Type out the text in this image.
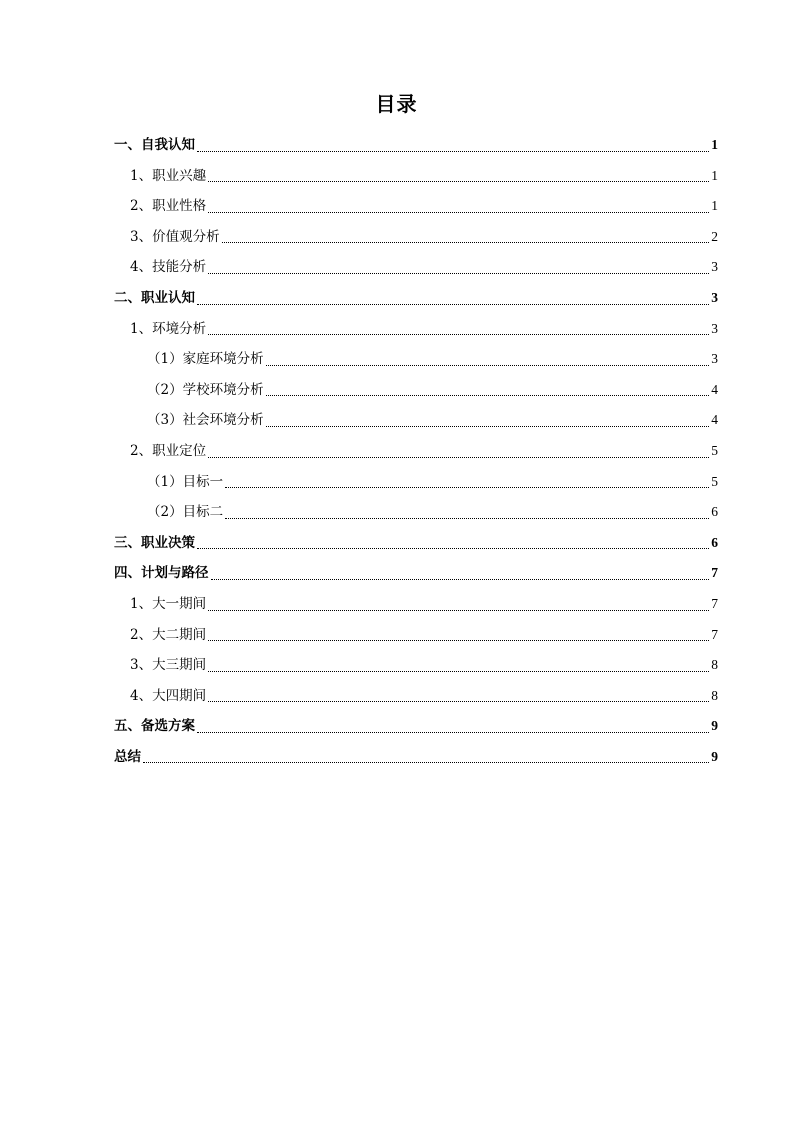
目录
一、自我认知	1
1、职业兴趣	1
2、职业性格	1
3、价值观分析	2
4、技能分析	3
二、职业认知	3
1、环境分析	3
（1）家庭环境分析	3
（2）学校环境分析	4
（3）社会环境分析	4
2、职业定位	5
（1）目标一	5
（2）目标二	6
三、职业决策	6
四、计划与路径	7
1、大一期间	7
2、大二期间	7
3、大三期间	8
4、大四期间	8
五、备选方案	9
总结	9
